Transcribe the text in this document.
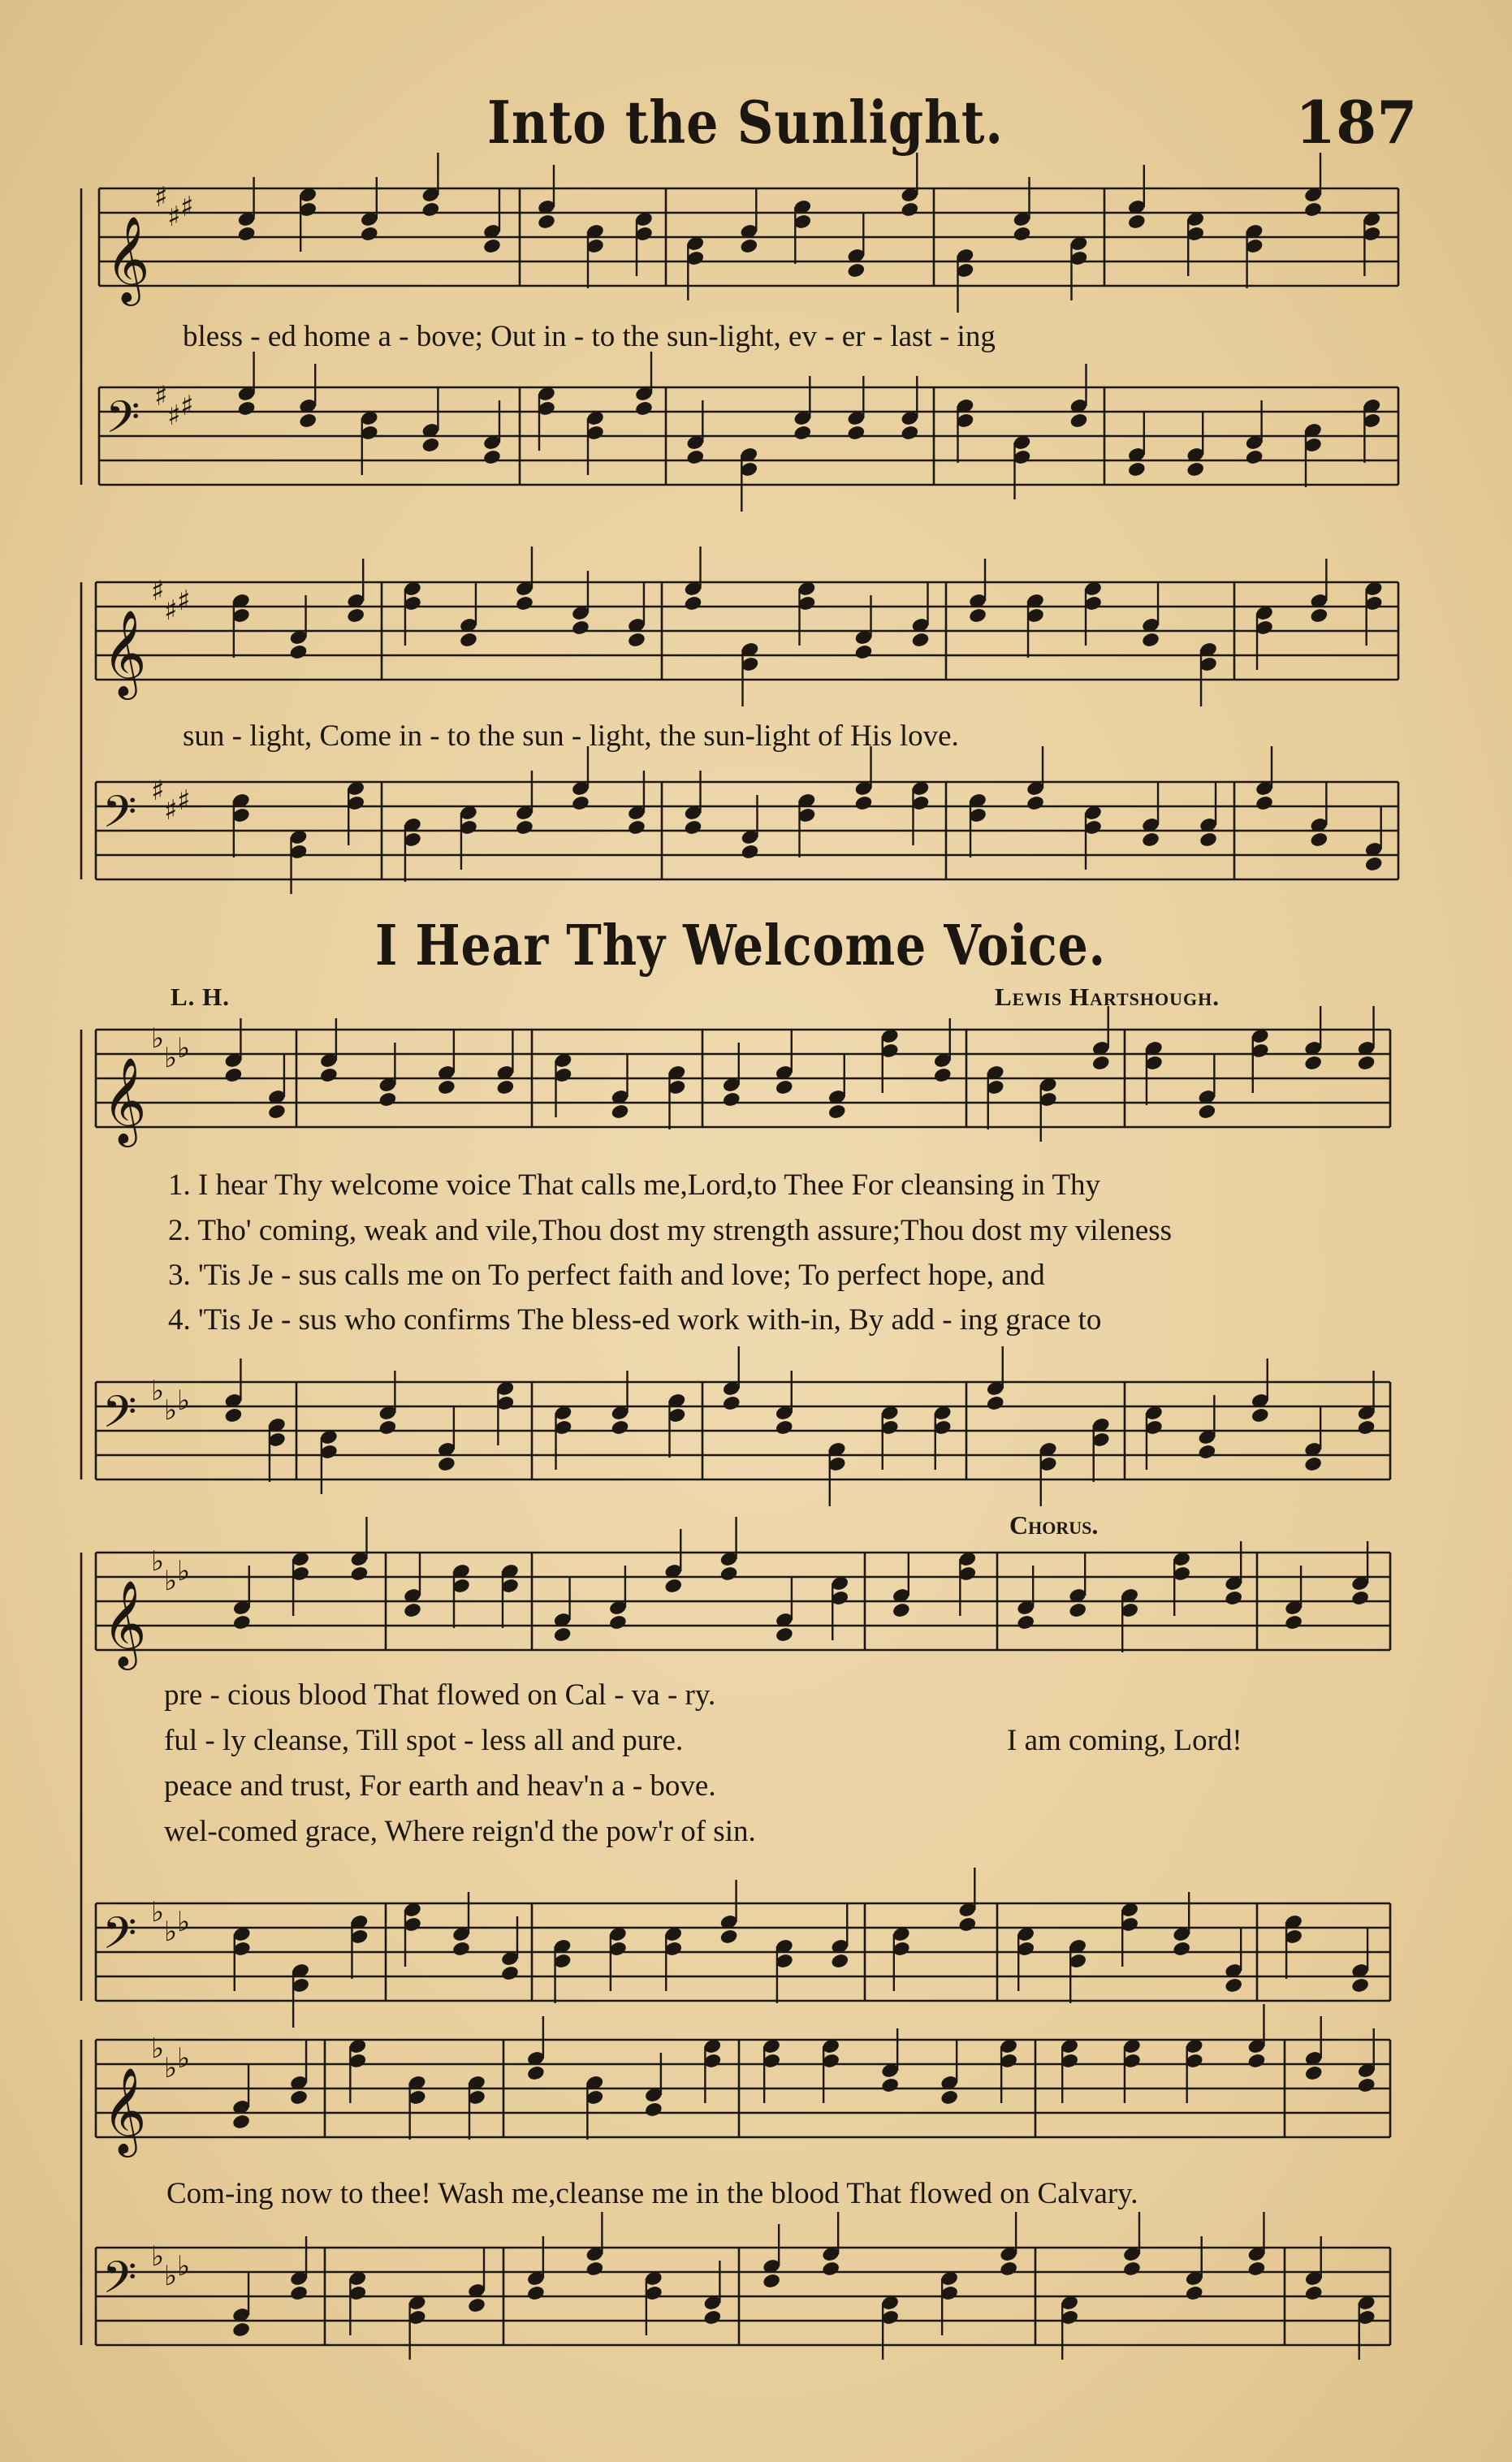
Into the Sunlight.	187
𝄞
♯
♯ ♯
𝄢 ♯
♯ ♯
𝄞
♯
♯ ♯
𝄢 ♯
♯ ♯
𝄞
♭
♭ ♭
𝄢 ♭
♭ ♭
𝄞
♭
♭ ♭
𝄢 ♭
♭ ♭
𝄞
♭
♭ ♭
𝄢 ♭
♭ ♭
bless - ed home a - bove; Out in - to the sun-light, ev - er - last - ing
sun - light, Come in - to the sun - light, the sun-light of His love.
I Hear Thy Welcome Voice.
L. H.	Lewis Hartshough.
1. I hear Thy welcome voice That calls me,Lord,to Thee For cleansing in Thy
2. Tho' coming, weak and vile,Thou dost my strength assure;Thou dost my vileness
3. 'Tis Je - sus calls me on To perfect faith and love; To perfect hope, and
4. 'Tis Je - sus who confirms The bless-ed work with-in, By add - ing grace to
pre - cious blood That flowed on Cal - va - ry.
ful - ly cleanse, Till spot - less all and pure.
peace and trust, For earth and heav'n a - bove.
wel-comed grace, Where reign'd the pow'r of sin.
Chorus.
I am coming, Lord!
Com-ing now to thee! Wash me,cleanse me in the blood That flowed on Calvary.
